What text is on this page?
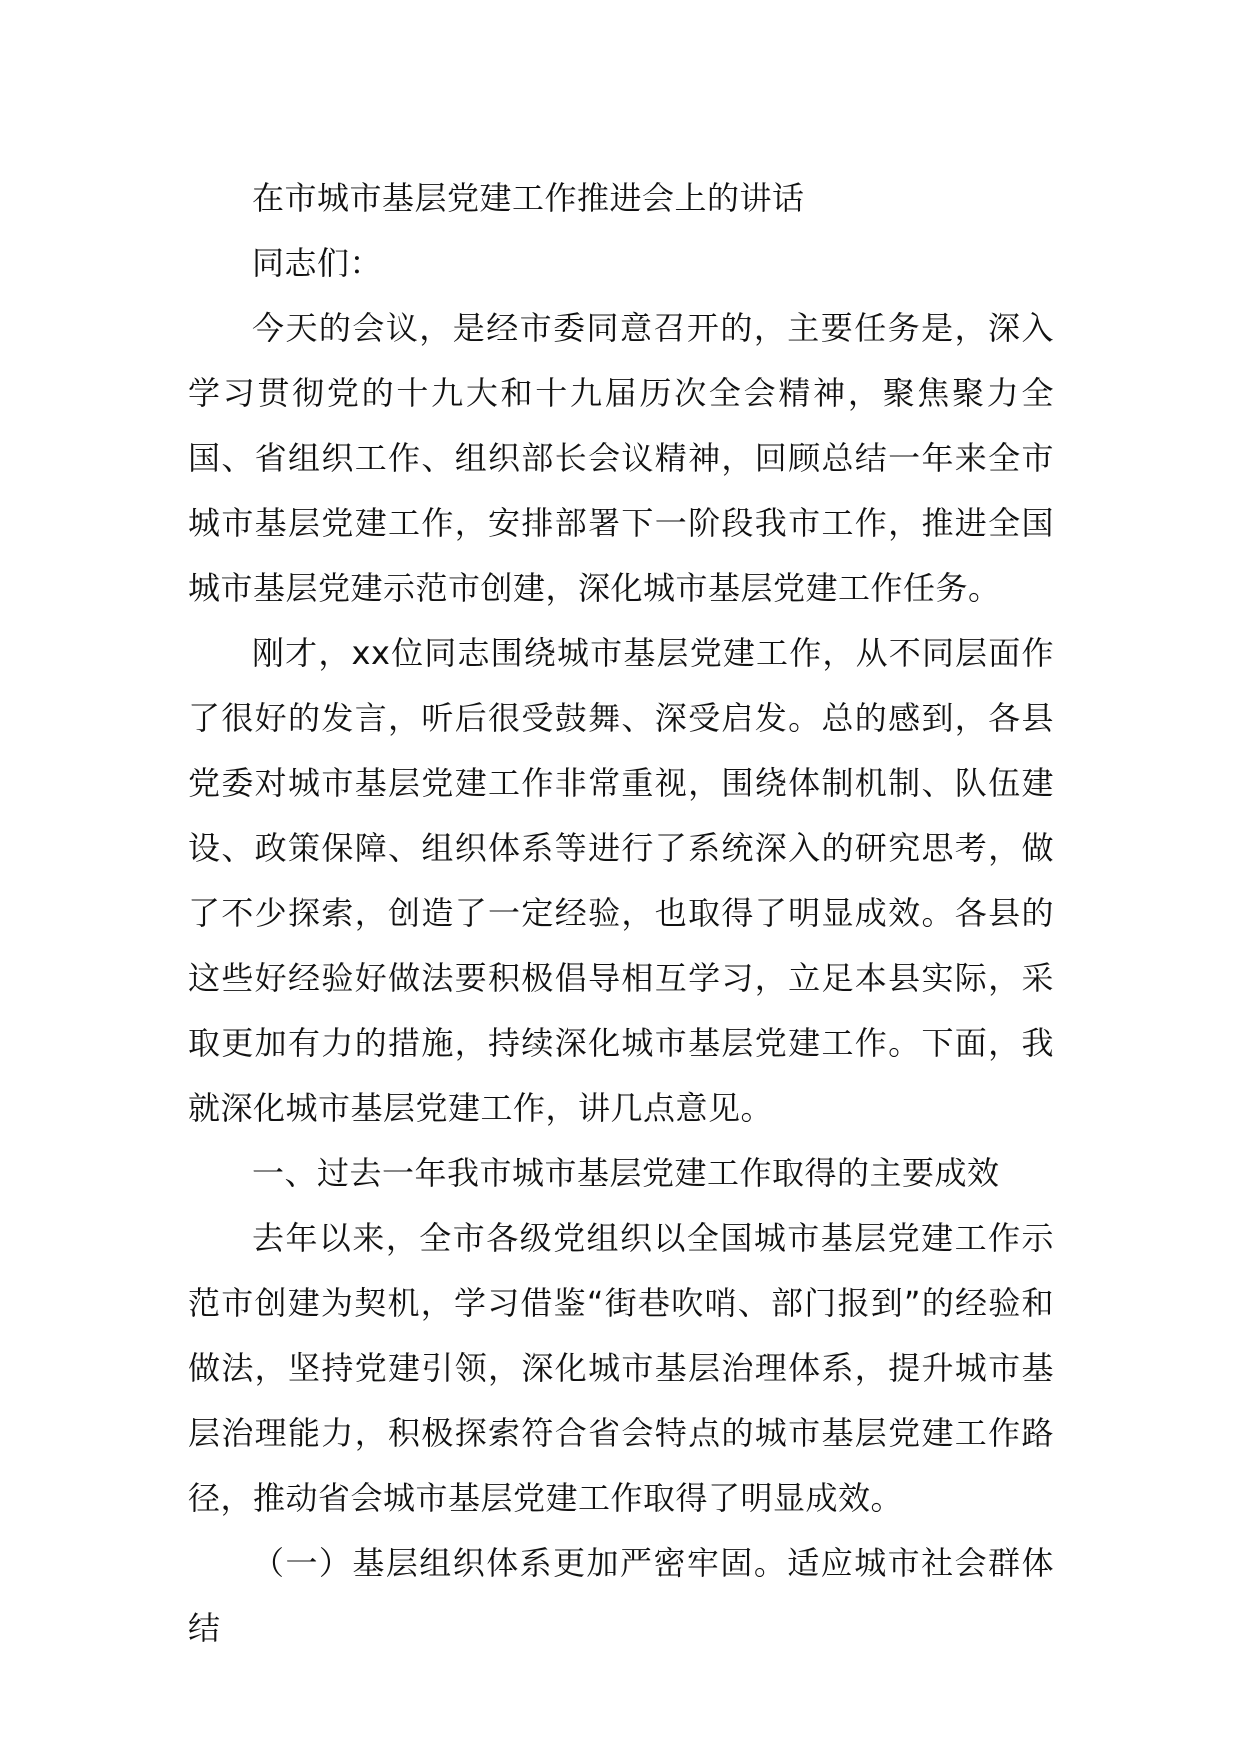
在市城市基层党建工作推进会上的讲话

同志们：

今天的会议，是经市委同意召开的，主要任务是，深入学习贯彻党的十九大和十九届历次全会精神，聚焦聚力全国、省组织工作、组织部长会议精神，回顾总结一年来全市城市基层党建工作，安排部署下一阶段我市工作，推进全国城市基层党建示范市创建，深化城市基层党建工作任务。

刚才，xx位同志围绕城市基层党建工作，从不同层面作了很好的发言，听后很受鼓舞、深受启发。总的感到，各县党委对城市基层党建工作非常重视，围绕体制机制、队伍建设、政策保障、组织体系等进行了系统深入的研究思考，做了不少探索，创造了一定经验，也取得了明显成效。各县的这些好经验好做法要积极倡导相互学习，立足本县实际，采取更加有力的措施，持续深化城市基层党建工作。下面，我就深化城市基层党建工作，讲几点意见。

一、过去一年我市城市基层党建工作取得的主要成效

去年以来，全市各级党组织以全国城市基层党建工作示范市创建为契机，学习借鉴“街巷吹哨、部门报到”的经验和做法，坚持党建引领，深化城市基层治理体系，提升城市基层治理能力，积极探索符合省会特点的城市基层党建工作路径，推动省会城市基层党建工作取得了明显成效。

（一）基层组织体系更加严密牢固。适应城市社会群体结
